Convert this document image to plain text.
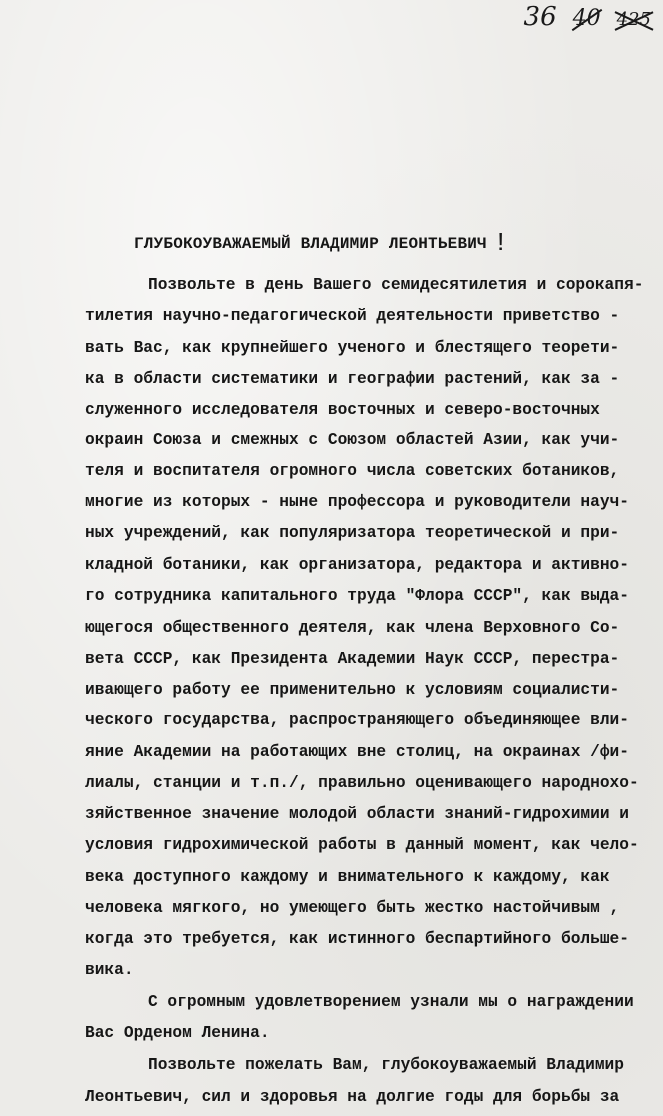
36 40 425
ГЛУБОКОУВАЖАЕМЫЙ ВЛАДИМИР ЛЕОНТЬЕВИЧ !
Позвольте в день Вашего семидесятилетия и сорокапя-
тилетия научно-педагогической деятельности приветство -
вать Вас, как крупнейшего ученого и блестящего теорети-
ка в области систематики и географии растений, как за -
служенного исследователя восточных и северо-восточных
окраин Союза и смежных с Союзом областей Азии, как учи-
теля и воспитателя огромного числа советских ботаников,
многие из которых - ныне профессора и руководители науч-
ных учреждений, как популяризатора теоретической и при-
кладной ботаники, как организатора, редактора и активно-
го сотрудника капитального труда "Флора СССР", как выда-
ющегося общественного деятеля, как члена Верховного Со-
вета СССР, как Президента Академии Наук СССР, перестра-
ивающего работу ее применительно к условиям социалисти-
ческого государства, распространяющего объединяющее вли-
яние Академии на работающих вне столиц, на окраинах /фи-
лиалы, станции и т.п./, правильно оценивающего народнохо-
зяйственное значение молодой области знаний-гидрохимии и
условия гидрохимической работы в данный момент, как чело-
века доступного каждому и внимательного к каждому, как
человека мягкого, но умеющего быть жестко настойчивым ,
когда это требуется, как истинного беспартийного больше-
вика.
С огромным удовлетворением узнали мы о награждении
Вас Орденом Ленина.
Позвольте пожелать Вам, глубокоуважаемый Владимир
Леонтьевич, сил и здоровья на долгие годы для борьбы за
